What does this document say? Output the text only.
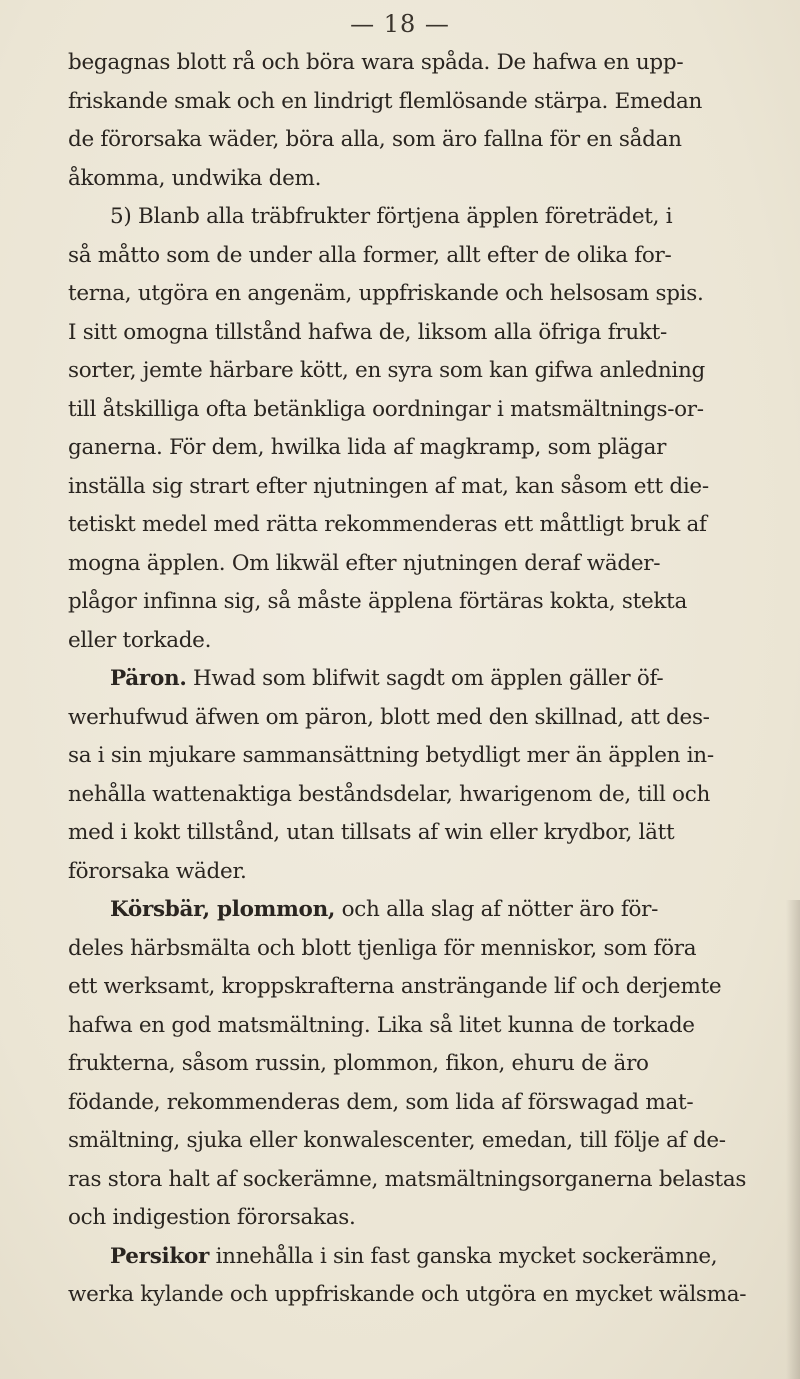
— 18 —
begagnas blott rå och böra wara spåda. De hafwa en upp-
friskande smak och en lindrigt flemlösande stärpa. Emedan
de förorsaka wäder, böra alla, som äro fallna för en sådan
åkomma, undwika dem.
5) Blanb alla träbfrukter förtjena äpplen företrädet, i
så måtto som de under alla former, allt efter de olika for-
terna, utgöra en angenäm, uppfriskande och helsosam spis.
I sitt omogna tillstånd hafwa de, liksom alla öfriga frukt-
sorter, jemte härbare kött, en syra som kan gifwa anledning
till åtskilliga ofta betänkliga oordningar i matsmältnings-or-
ganerna. För dem, hwilka lida af magkramp, som plägar
inställa sig strart efter njutningen af mat, kan såsom ett die-
tetiskt medel med rätta rekommenderas ett måttligt bruk af
mogna äpplen. Om likwäl efter njutningen deraf wäder-
plågor infinna sig, så måste äpplena förtäras kokta, stekta
eller torkade.
Päron. Hwad som blifwit sagdt om äpplen gäller öf-
werhufwud äfwen om päron, blott med den skillnad, att des-
sa i sin mjukare sammansättning betydligt mer än äpplen in-
nehålla wattenaktiga beståndsdelar, hwarigenom de, till och
med i kokt tillstånd, utan tillsats af win eller krydbor, lätt
förorsaka wäder.
Körsbär, plommon, och alla slag af nötter äro för-
deles härbsmälta och blott tjenliga för menniskor, som föra
ett werksamt, kroppskrafterna ansträngande lif och derjemte
hafwa en god matsmältning. Lika så litet kunna de torkade
frukterna, såsom russin, plommon, fikon, ehuru de äro
födande, rekommenderas dem, som lida af förswagad mat-
smältning, sjuka eller konwalescenter, emedan, till följe af de-
ras stora halt af sockerämne, matsmältningsorganerna belastas
och indigestion förorsakas.
Persikor innehålla i sin fast ganska mycket sockerämne,
werka kylande och uppfriskande och utgöra en mycket wälsma-
